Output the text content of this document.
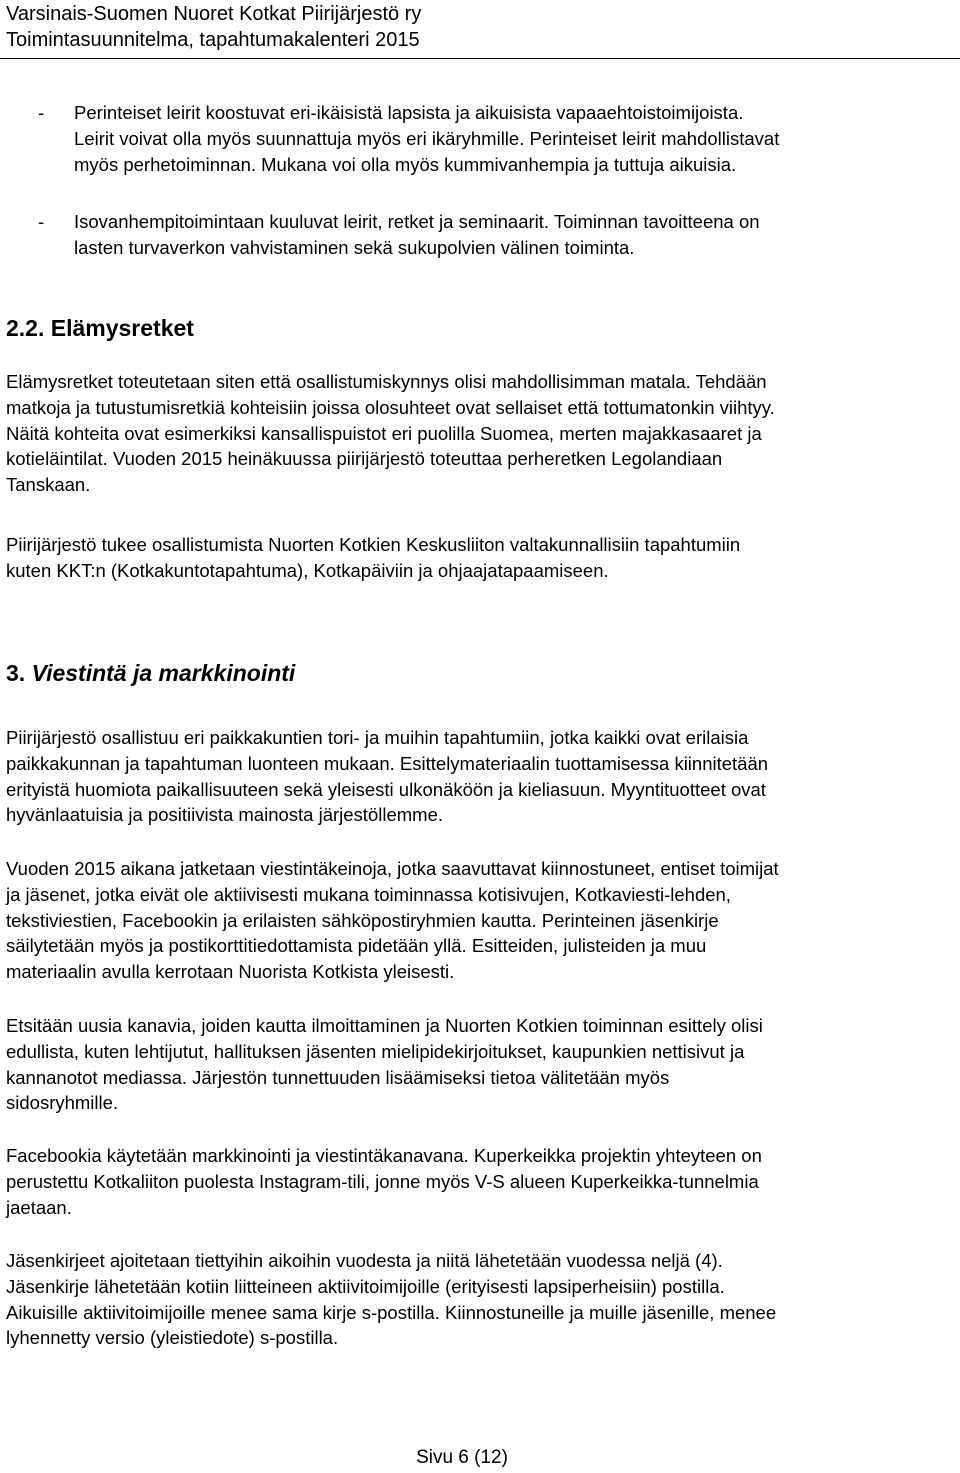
Varsinais-Suomen Nuoret Kotkat Piirijärjestö ry
Toimintasuunnitelma, tapahtumakalenteri 2015
- Perinteiset leirit koostuvat eri-ikäisistä lapsista ja aikuisista vapaaehtoistoimijoista.
Leirit voivat olla myös suunnattuja myös eri ikäryhmille. Perinteiset leirit mahdollistavat
myös perhetoiminnan. Mukana voi olla myös kummivanhempia ja tuttuja aikuisia.
- Isovanhempitoimintaan kuuluvat leirit, retket ja seminaarit. Toiminnan tavoitteena on
lasten turvaverkon vahvistaminen sekä sukupolvien välinen toiminta.
2.2. Elämysretket
Elämysretket toteutetaan siten että osallistumiskynnys olisi mahdollisimman matala. Tehdään
matkoja ja tutustumisretkiä kohteisiin joissa olosuhteet ovat sellaiset että tottumatonkin viihtyy.
Näitä kohteita ovat esimerkiksi kansallispuistot eri puolilla Suomea, merten majakkasaaret ja
kotieläintilat. Vuoden 2015 heinäkuussa piirijärjestö toteuttaa perheretken Legolandiaan
Tanskaan.
Piirijärjestö tukee osallistumista Nuorten Kotkien Keskusliiton valtakunnallisiin tapahtumiin
kuten KKT:n (Kotkakuntotapahtuma), Kotkapäiviin ja ohjaajatapaamiseen.
3. Viestintä ja markkinointi
Piirijärjestö osallistuu eri paikkakuntien tori- ja muihin tapahtumiin, jotka kaikki ovat erilaisia
paikkakunnan ja tapahtuman luonteen mukaan. Esittelymateriaalin tuottamisessa kiinnitetään
erityistä huomiota paikallisuuteen sekä yleisesti ulkonäköön ja kieliasuun. Myyntituotteet ovat
hyvänlaatuisia ja positiivista mainosta järjestöllemme.
Vuoden 2015 aikana jatketaan viestintäkeinoja, jotka saavuttavat kiinnostuneet, entiset toimijat
ja jäsenet, jotka eivät ole aktiivisesti mukana toiminnassa kotisivujen, Kotkaviesti-lehden,
tekstiviestien, Facebookin ja erilaisten sähköpostiryhmien kautta. Perinteinen jäsenkirje
säilytetään myös ja postikorttitiedottamista pidetään yllä. Esitteiden, julisteiden ja muu
materiaalin avulla kerrotaan Nuorista Kotkista yleisesti.
Etsitään uusia kanavia, joiden kautta ilmoittaminen ja Nuorten Kotkien toiminnan esittely olisi
edullista, kuten lehtijutut, hallituksen jäsenten mielipidekirjoitukset, kaupunkien nettisivut ja
kannanotot mediassa. Järjestön tunnettuuden lisäämiseksi tietoa välitetään myös
sidosryhmille.
Facebookia käytetään markkinointi ja viestintäkanavana. Kuperkeikka projektin yhteyteen on
perustettu Kotkaliiton puolesta Instagram-tili, jonne myös V-S alueen Kuperkeikka-tunnelmia
jaetaan.
Jäsenkirjeet ajoitetaan tiettyihin aikoihin vuodesta ja niitä lähetetään vuodessa neljä (4).
Jäsenkirje lähetetään kotiin liitteineen aktiivitoimijoille (erityisesti lapsiperheisiin) postilla.
Aikuisille aktiivitoimijoille menee sama kirje s-postilla. Kiinnostuneille ja muille jäsenille, menee
lyhennetty versio (yleistiedote) s-postilla.
Sivu 6 (12)
